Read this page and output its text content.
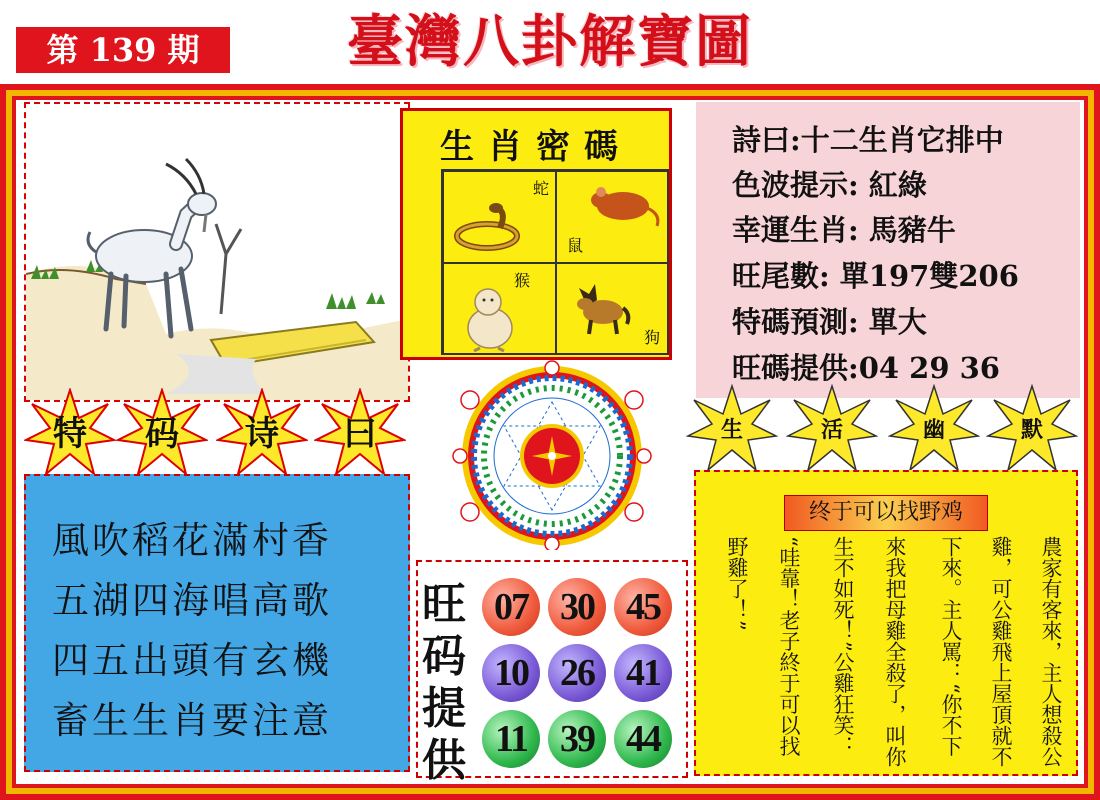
第 139 期	臺灣八卦解寶圖
生肖密碼
蛇
鼠
猴
狗
詩曰:十二生肖它排中
色波提示: 紅綠
幸運生肖: 馬豬牛
旺尾數: 單197雙206
特碼預測: 單大
旺碼提供:04 29 36
特	码	诗	曰	生	活	幽	默
風吹稻花滿村香
五湖四海唱高歌
四五出頭有玄機
畜生生肖要注意
旺
码
提
供
07 30 45
10 26 41
11 39 44
终于可以找野鸡
農家有客來，主人想殺公
雞，可公雞飛上屋頂就不
下來。主人罵：“你不下
來我把母雞全殺了，叫你
生不如死！”公雞狂笑：
“哇靠！老子終于可以找
野雞了！”
